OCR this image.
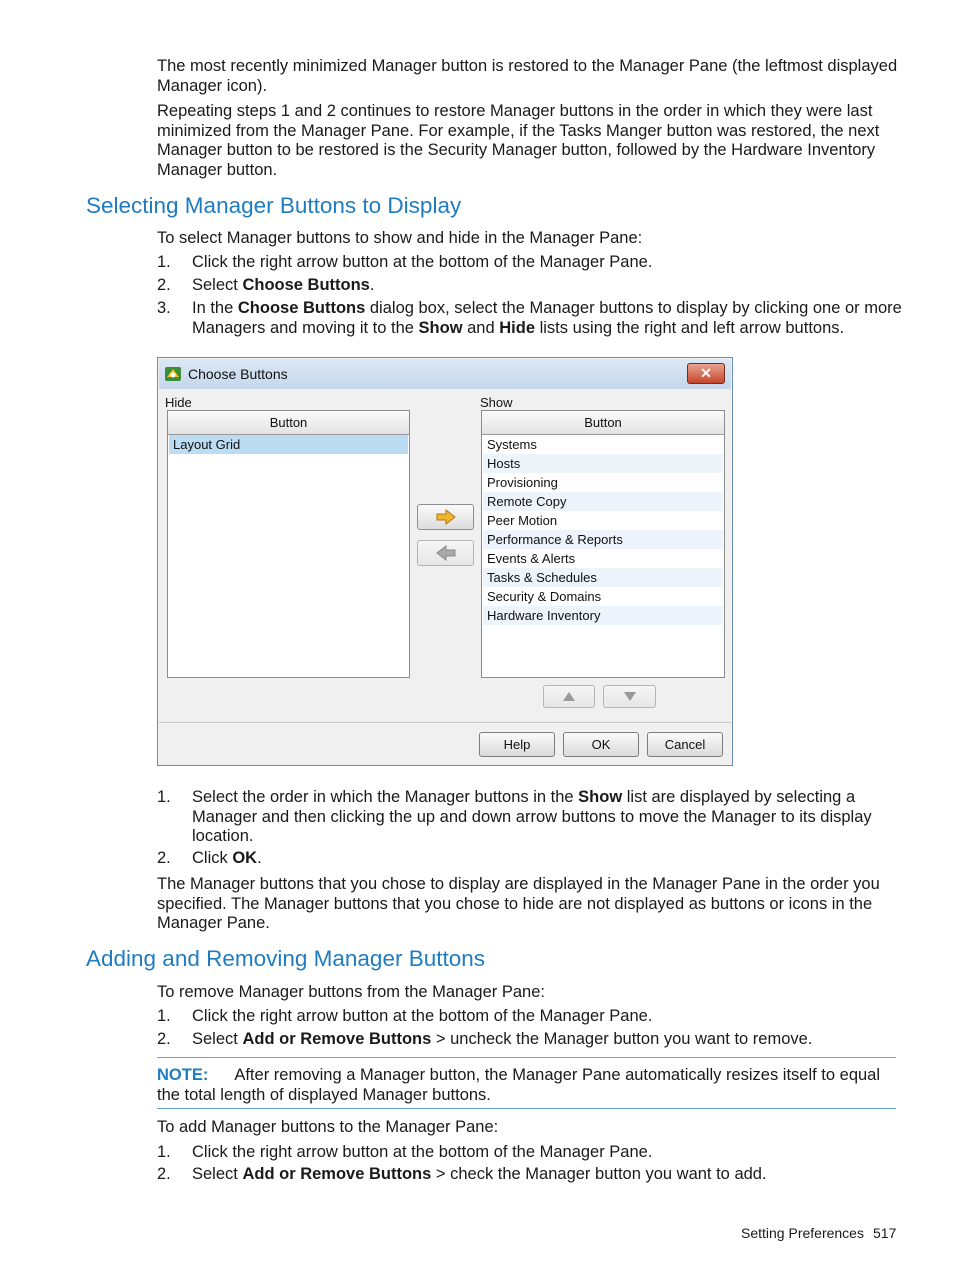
The most recently minimized Manager button is restored to the Manager Pane (the leftmost displayed Manager icon).

Repeating steps 1 and 2 continues to restore Manager buttons in the order in which they were last minimized from the Manager Pane. For example, if the Tasks Manger button was restored, the next Manager button to be restored is the Security Manager button, followed by the Hardware Inventory Manager button.

Selecting Manager Buttons to Display

To select Manager buttons to show and hide in the Manager Pane:

1.	Click the right arrow button at the bottom of the Manager Pane.
2.	Select Choose Buttons.
3.	In the Choose Buttons dialog box, select the Manager buttons to display by clicking one or more Managers and moving it to the Show and Hide lists using the right and left arrow buttons.
Choose Buttons	✕
Hide	Show
Button
Layout Grid
Button
Systems
Hosts
Provisioning
Remote Copy
Peer Motion
Performance & Reports
Events & Alerts
Tasks & Schedules
Security & Domains
Hardware Inventory
Help	OK	Cancel
1.	Select the order in which the Manager buttons in the Show list are displayed by selecting a Manager and then clicking the up and down arrow buttons to move the Manager to its display location.
2.	Click OK.

The Manager buttons that you chose to display are displayed in the Manager Pane in the order you specified. The Manager buttons that you chose to hide are not displayed as buttons or icons in the Manager Pane.

Adding and Removing Manager Buttons

To remove Manager buttons from the Manager Pane:

1.	Click the right arrow button at the bottom of the Manager Pane.
2.	Select Add or Remove Buttons > uncheck the Manager button you want to remove.
NOTE: After removing a Manager button, the Manager Pane automatically resizes itself to equal the total length of displayed Manager buttons.

To add Manager buttons to the Manager Pane:

1.	Click the right arrow button at the bottom of the Manager Pane.
2.	Select Add or Remove Buttons > check the Manager button you want to add.
Setting Preferences 517
